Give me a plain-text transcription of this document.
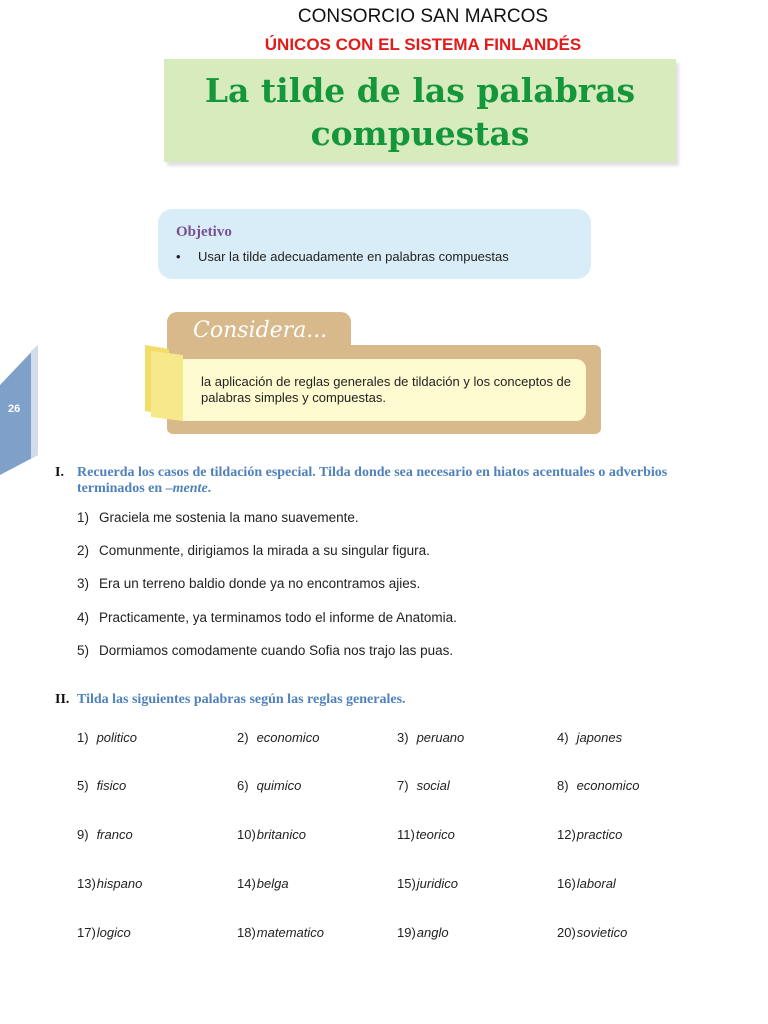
CONSORCIO SAN MARCOS
ÚNICOS CON EL SISTEMA FINLANDÉS
La tilde de las palabras
compuestas
Objetivo
• Usar la tilde adecuadamente en palabras compuestas
26
Considera...
la aplicación de reglas generales de tildación y los conceptos de palabras simples y compuestas.
I. Recuerda los casos de tildación especial. Tilda donde sea necesario en hiatos acentuales o adverbios terminados en –mente.
1) Graciela me sostenia la mano suavemente.
2) Comunmente, dirigiamos la mirada a su singular figura.
3) Era un terreno baldio donde ya no encontramos ajies.
4) Practicamente, ya terminamos todo el informe de Anatomia.
5) Dormiamos comodamente cuando Sofia nos trajo las puas.
II. Tilda las siguientes palabras según las reglas generales.
1) politico	2) economico	3) peruano	4) japones
5) fisico	6) quimico	7) social	8) economico
9) franco	10)britanico	11)teorico	12)practico
13)hispano	14)belga	15)juridico	16)laboral
17)logico	18)matematico	19)anglo	20)sovietico
